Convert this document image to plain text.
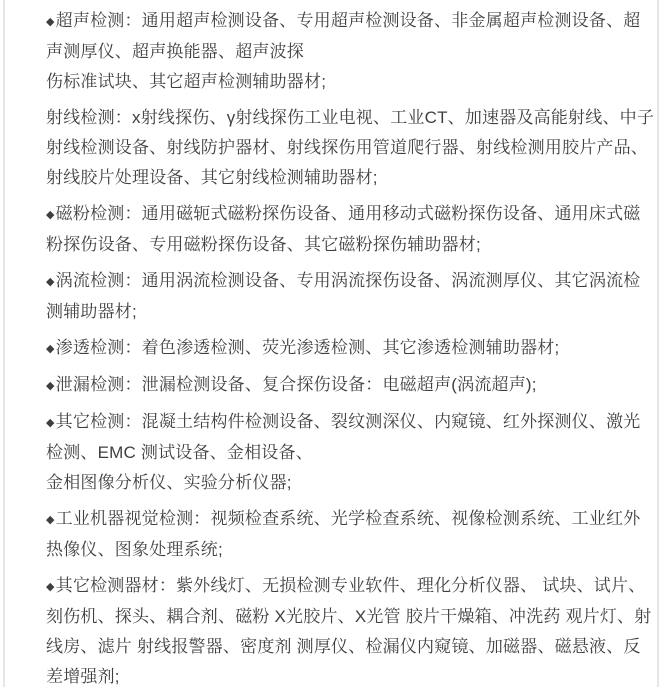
◆超声检测：通用超声检测设备、专用超声检测设备、非金属超声检测设备、超
声测厚仪、超声换能器、超声波探
伤标准试块、其它超声检测辅助器材;
射线检测：x射线探伤、γ射线探伤工业电视、工业CT、加速器及高能射线、中子
射线检测设备、射线防护器材、射线探伤用管道爬行器、射线检测用胶片产品、
射线胶片处理设备、其它射线检测辅助器材;
◆磁粉检测：通用磁轭式磁粉探伤设备、通用移动式磁粉探伤设备、通用床式磁
粉探伤设备、专用磁粉探伤设备、其它磁粉探伤辅助器材;
◆涡流检测：通用涡流检测设备、专用涡流探伤设备、涡流测厚仪、其它涡流检
测辅助器材;
◆渗透检测：着色渗透检测、荧光渗透检测、其它渗透检测辅助器材;
◆泄漏检测：泄漏检测设备、复合探伤设备：电磁超声(涡流超声);
◆其它检测：混凝土结构件检测设备、裂纹测深仪、内窥镜、红外探测仪、激光
检测、EMC 测试设备、金相设备、
金相图像分析仪、实验分析仪器;
◆工业机器视觉检测：视频检查系统、光学检查系统、视像检测系统、工业红外
热像仪、图象处理系统;
◆其它检测器材：紫外线灯、无损检测专业软件、理化分析仪器、 试块、试片、
刻伤机、探头、耦合剂、磁粉 X光胶片、X光管 胶片干燥箱、冲洗药 观片灯、射
线房、滤片 射线报警器、密度剂 测厚仪、检漏仪内窥镜、加磁器、磁悬液、反
差增强剂;
